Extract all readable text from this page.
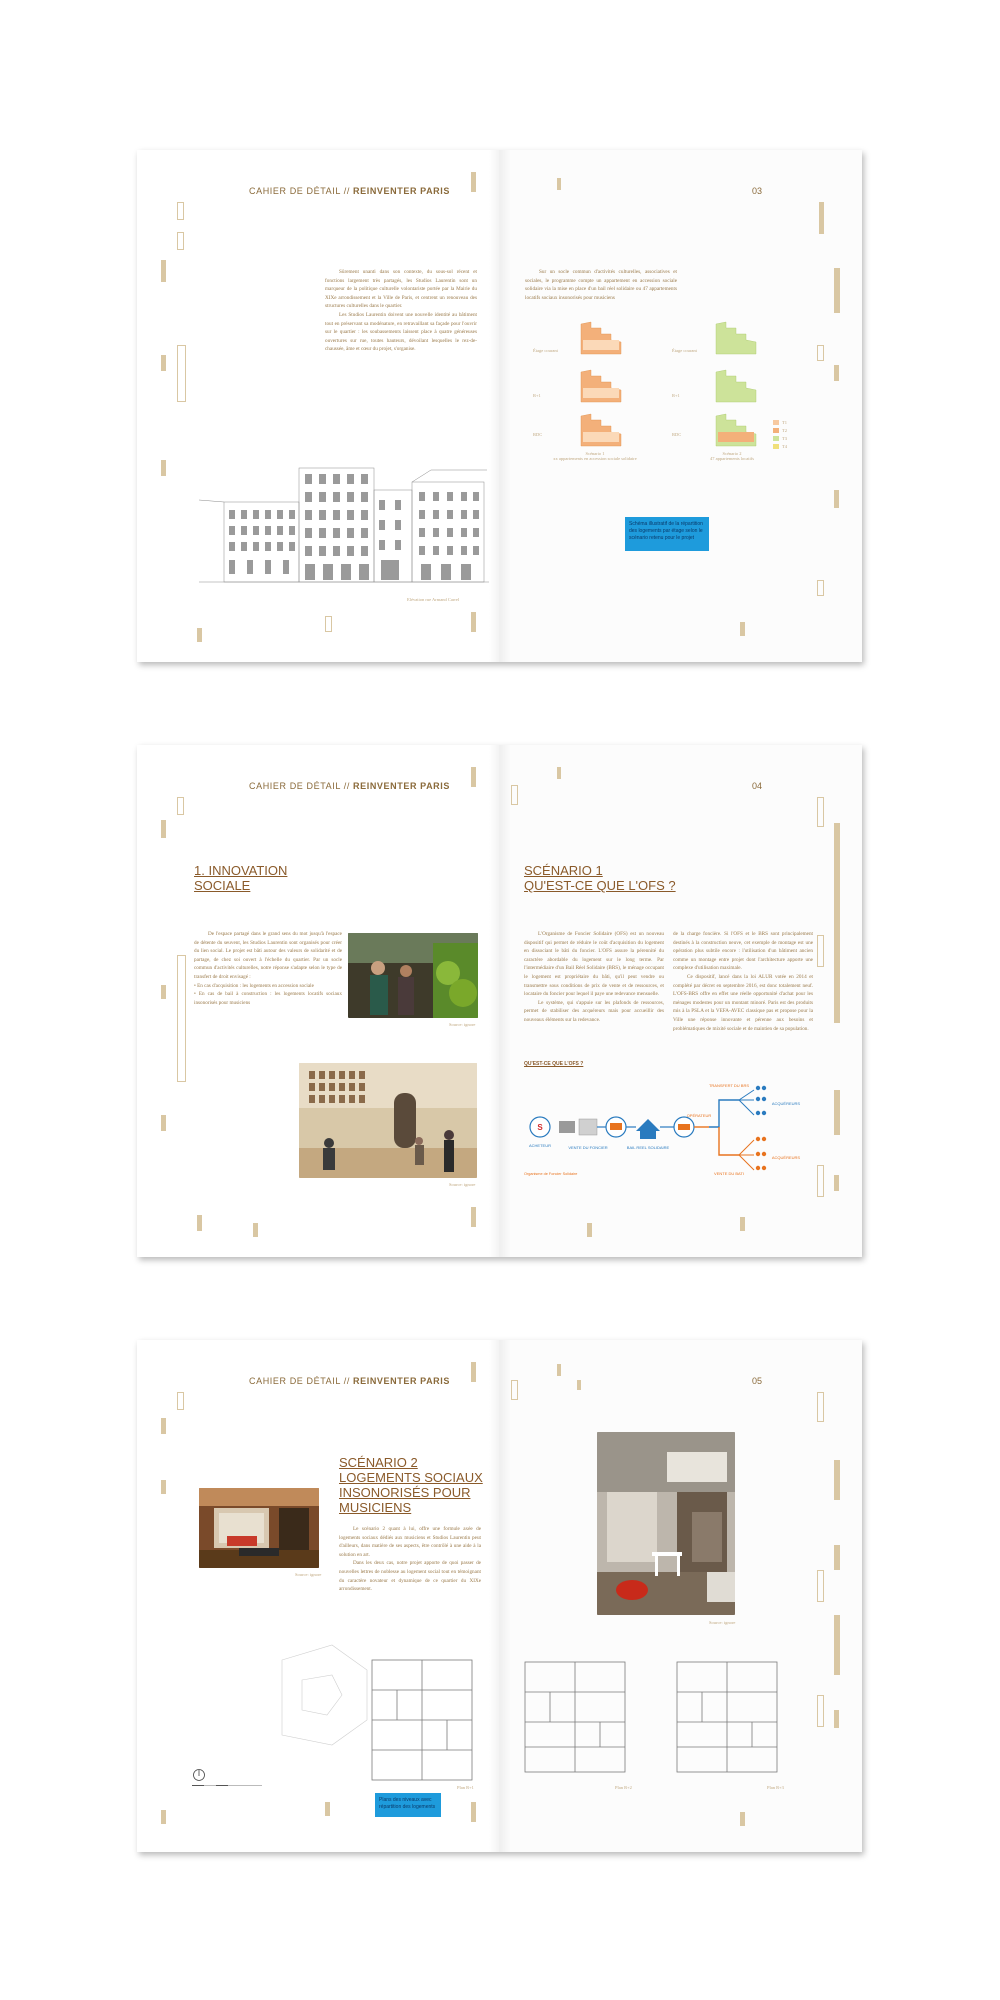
CAHIER DE DÉTAIL // REINVENTER PARIS	03
Sûrement unanti dans son contexte, du sous-sol récent et fonctions largement très partagés, les Studios Laurentin sont un marqueur de la politique culturelle volontariste portée par la Mairie du XIXe arrondissement et la Ville de Paris, et centrent un renouveau des structures culturelles dans le quartier.
Les Studios Laurentin doivent une nouvelle identité au bâtiment tout en préservant sa modénature, en retravaillant sa façade pour l'ouvrir sur le quartier : les soubassements laissent place à quatre généreuses ouvertures sur rue, toutes hauteurs, dévoilant lesquelles le rez-de-chaussée, âme et cœur du projet, s'organise.
Elévation rue Armand Carrel
Sur un socle commun d'activités culturelles, associatives et sociales, le programme compte un appartement en accession sociale solidaire via la mise en place d'un bail réel solidaire ou 47 appartements locatifs sociaux insonorisés pour musiciens
Étage courant
R+1
RDC
Scénario 1
xx appartements en accession sociale solidaire
Étage courant
R+1
RDC
Scénario 2
47 appartements locatifs
T1
T2
T3
T4
Schéma illustratif de la répartition des logements par étage selon le scénario retenu pour le projet
CAHIER DE DÉTAIL // REINVENTER PARIS	04
1. INNOVATION
SOCIALE
De l'espace partagé dans le grand sens du mot jusqu'à l'espace de détente du seuvent, les Studios Laurentin sont organisés pour créer du lien social. Le projet est bâti autour des valeurs de solidarité et de partage, de chez soi ouvert à l'échelle du quartier. Par un socle commun d'activités culturelles, notre réponse s'adapte selon le type de transfert de droit envisagé :
• En cas d'acquisition : les logements en accession sociale
• En cas de bail à construction : les logements locatifs sociaux insonorisés pour musiciens
Source: ignore
Source: ignore
SCÉNARIO 1
QU'EST-CE QUE L'OFS ?
L'Organisme de Foncier Solidaire (OFS) est un nouveau dispositif qui permet de réduire le coût d'acquisition du logement en dissociant le bâti du foncier. L'OFS assure la pérennité du caractère abordable du logement sur le long terme. Par l'intermédiaire d'un Bail Réel Solidaire (BRS), le ménage occupant le logement est propriétaire du bâti, qu'il peut vendre ou transmettre sous conditions de prix de vente et de ressources, et locataire du foncier pour lequel il paye une redevance mensuelle.
Le système, qui s'appuie sur les plafonds de ressources, permet de stabiliser des acquéreurs mais pour accueillir des nouveaux éléments sur la redevance.
de la charge foncière. Si l'OFS et le BRS sont principalement destinés à la construction neuve, cet exemple de montage est une opération plus subtile encore : l'utilisation d'un bâtiment ancien comme un montage entre projet dont l'architecture apporte une complexe d'utilisation maximale.
Ce dispositif, lancé dans la loi ALUR votée en 2014 et complété par décret en septembre 2016, est donc totalement neuf. L'OFS-BRS offre en effet une réelle opportunité d'achat pour les ménages modestes pour un montant minoré. Paris est des produits mis à la PSLA et la VEFA-AVEC classique pas et propose pour la Ville une réponse innovante et pérenne aux besoins et problématiques de mixité sociale et de maintien de sa population.
QU'EST-CE QUE L'OFS ?
S
ACHETEUR	VENTE DU FONCIER	BAIL REEL SOLIDAIRE
OPÉRATEUR
TRANSFERT DU BRS
VENTE DU BATI
ACQUÉREURS
ACQUÉREURS
Organisme de Foncier Solidaire
CAHIER DE DÉTAIL // REINVENTER PARIS	05
Source: ignore
SCÉNARIO 2
LOGEMENTS SOCIAUX
INSONORISÉS POUR
MUSICIENS
Le scénario 2 quant à lui, offre une formule axée de logements sociaux dédiés aux musiciens et Studios Laurentin peut d'ailleurs, dans matière de ses aspects, être contrôlé à une aide à la solution en art.
Dans les deux cas, notre projet apporte de quoi passer de nouvelles lettres de noblesse au logement social tout en témoignant du caractère novateur et dynamique de ce quartier du XIXe arrondissement.
Source: ignore
Plan R+1	Plan R+2	Plan R+3
Plans des niveaux avec répartition des logements
